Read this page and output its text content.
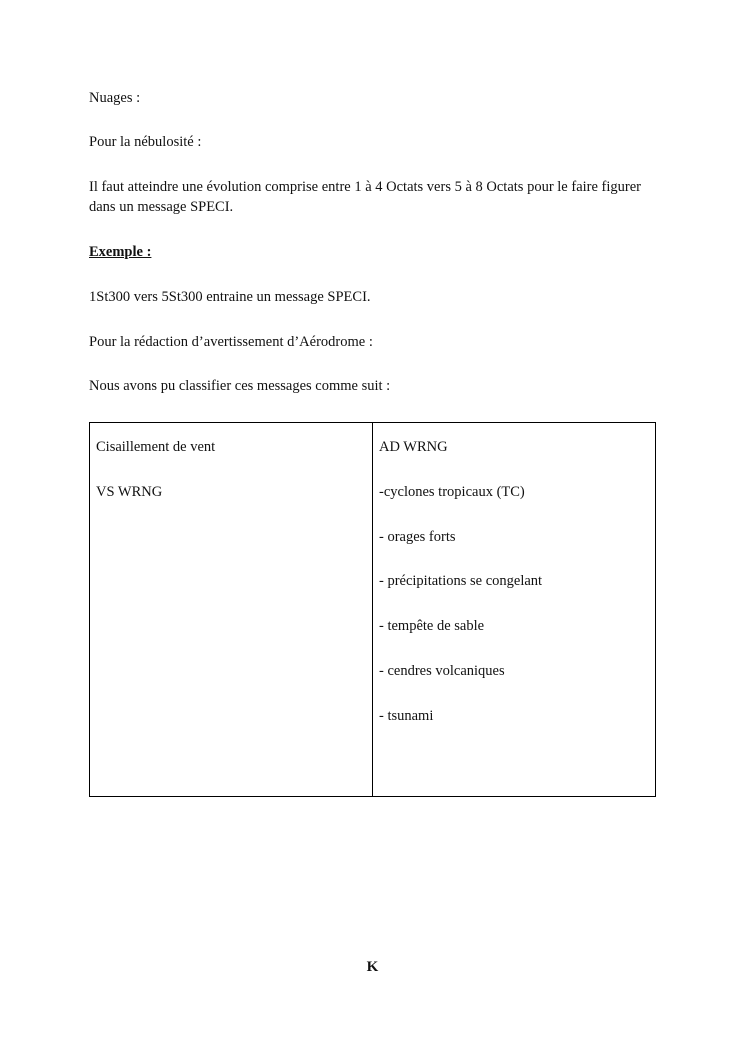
Nuages :

Pour la nébulosité :

Il faut atteindre une évolution comprise entre 1 à 4 Octats vers 5 à 8 Octats pour le faire figurer dans un message SPECI.

Exemple :

1St300 vers 5St300 entraine un message SPECI.

Pour la rédaction d’avertissement d’Aérodrome :

Nous avons pu classifier ces messages comme suit :

Cisaillement de vent

VS WRNG

AD WRNG

-cyclones tropicaux (TC)

- orages forts

- précipitations se congelant

- tempête de sable

- cendres volcaniques

- tsunami

K
